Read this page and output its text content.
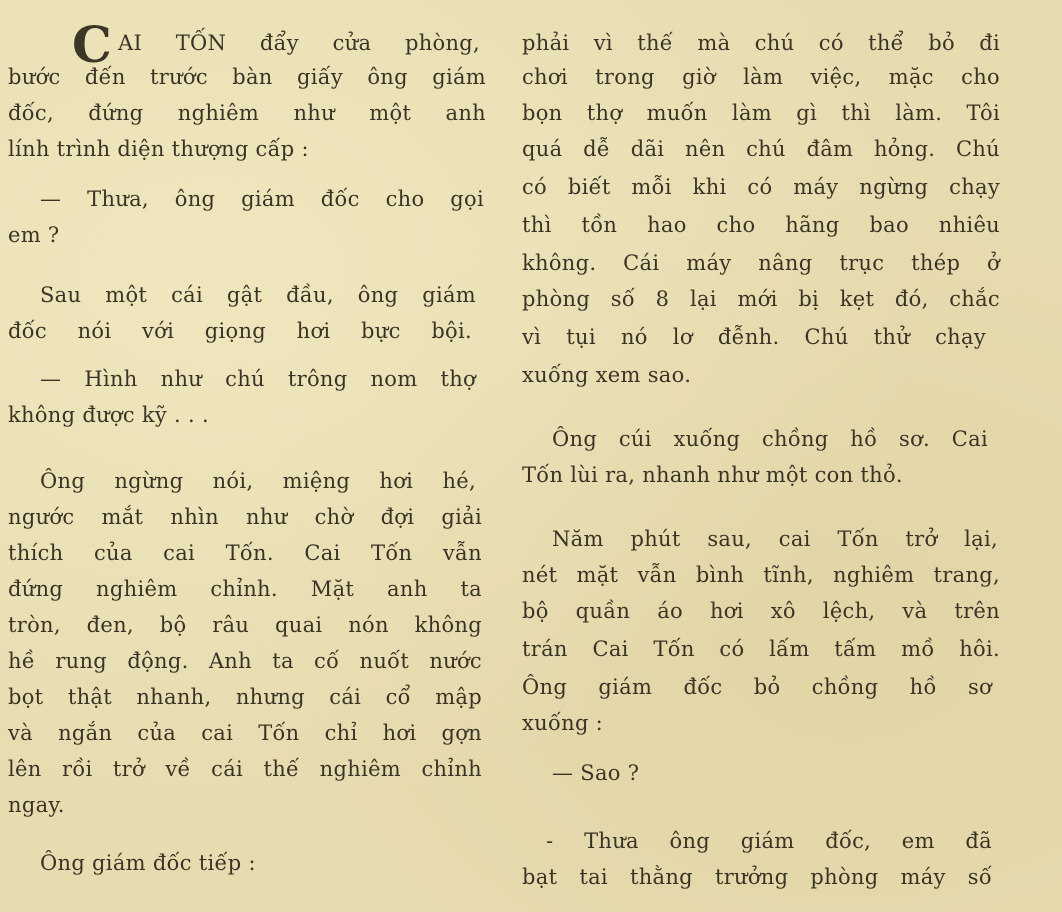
C AI TỐN đẩy cửa phòng,
bước đến trước bàn giấy ông giám
đốc, đứng nghiêm như một anh
lính trình diện thượng cấp :
— Thưa, ông giám đốc cho gọi
em ?
Sau một cái gật đầu, ông giám
đốc nói với giọng hơi bực bội.
— Hình như chú trông nom thợ
không được kỹ . . .
Ông ngừng nói, miệng hơi hé,
ngước mắt nhìn như chờ đợi giải
thích của cai Tốn. Cai Tốn vẫn
đứng nghiêm chỉnh. Mặt anh ta
tròn, đen, bộ râu quai nón không
hề rung động. Anh ta cố nuốt nước
bọt thật nhanh, nhưng cái cổ mập
và ngắn của cai Tốn chỉ hơi gợn
lên rồi trở về cái thế nghiêm chỉnh
ngay.
Ông giám đốc tiếp :
phải vì thế mà chú có thể bỏ đi
chơi trong giờ làm việc, mặc cho
bọn thợ muốn làm gì thì làm. Tôi
quá dễ dãi nên chú đâm hỏng. Chú
có biết mỗi khi có máy ngừng chạy
thì tồn hao cho hãng bao nhiêu
không. Cái máy nâng trục thép ở
phòng số 8 lại mới bị kẹt đó, chắc
vì tụi nó lơ đễnh. Chú thử chạy
xuống xem sao.
Ông cúi xuống chồng hồ sơ. Cai
Tốn lùi ra, nhanh như một con thỏ.
Năm phút sau, cai Tốn trở lại,
nét mặt vẫn bình tĩnh, nghiêm trang,
bộ quần áo hơi xô lệch, và trên
trán Cai Tốn có lấm tấm mồ hôi.
Ông giám đốc bỏ chồng hồ sơ
xuống :
— Sao ?
- Thưa ông giám đốc, em đã
bạt tai thằng trưởng phòng máy số
